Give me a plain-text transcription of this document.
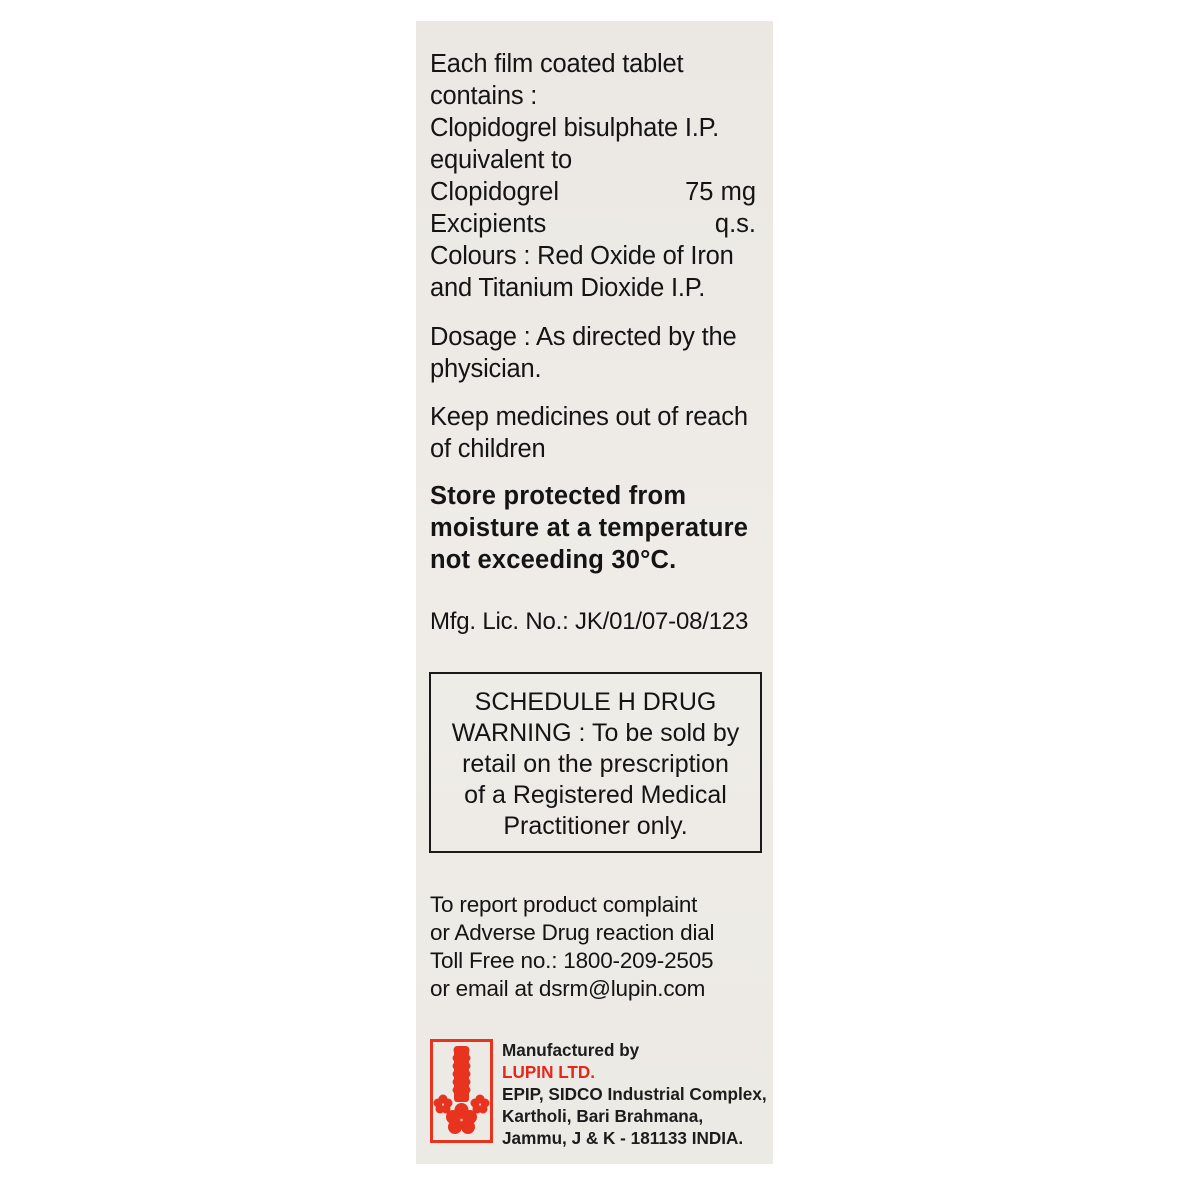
Each film coated tablet
contains :
Clopidogrel bisulphate I.P.
equivalent to
Clopidogrel	75 mg
Excipients	q.s.
Colours : Red Oxide of Iron
and Titanium Dioxide I.P.
Dosage : As directed by the
physician.
Keep medicines out of reach
of children
Store protected from
moisture at a temperature
not exceeding 30°C.
Mfg. Lic. No.: JK/01/07-08/123
SCHEDULE H DRUG
WARNING : To be sold by
retail on the prescription
of a Registered Medical
Practitioner only.
To report product complaint
or Adverse Drug reaction dial
Toll Free no.: 1800-209-2505
or email at dsrm@lupin.com
Manufactured by
LUPIN LTD.
EPIP, SIDCO Industrial Complex,
Kartholi, Bari Brahmana,
Jammu, J & K - 181133 INDIA.
